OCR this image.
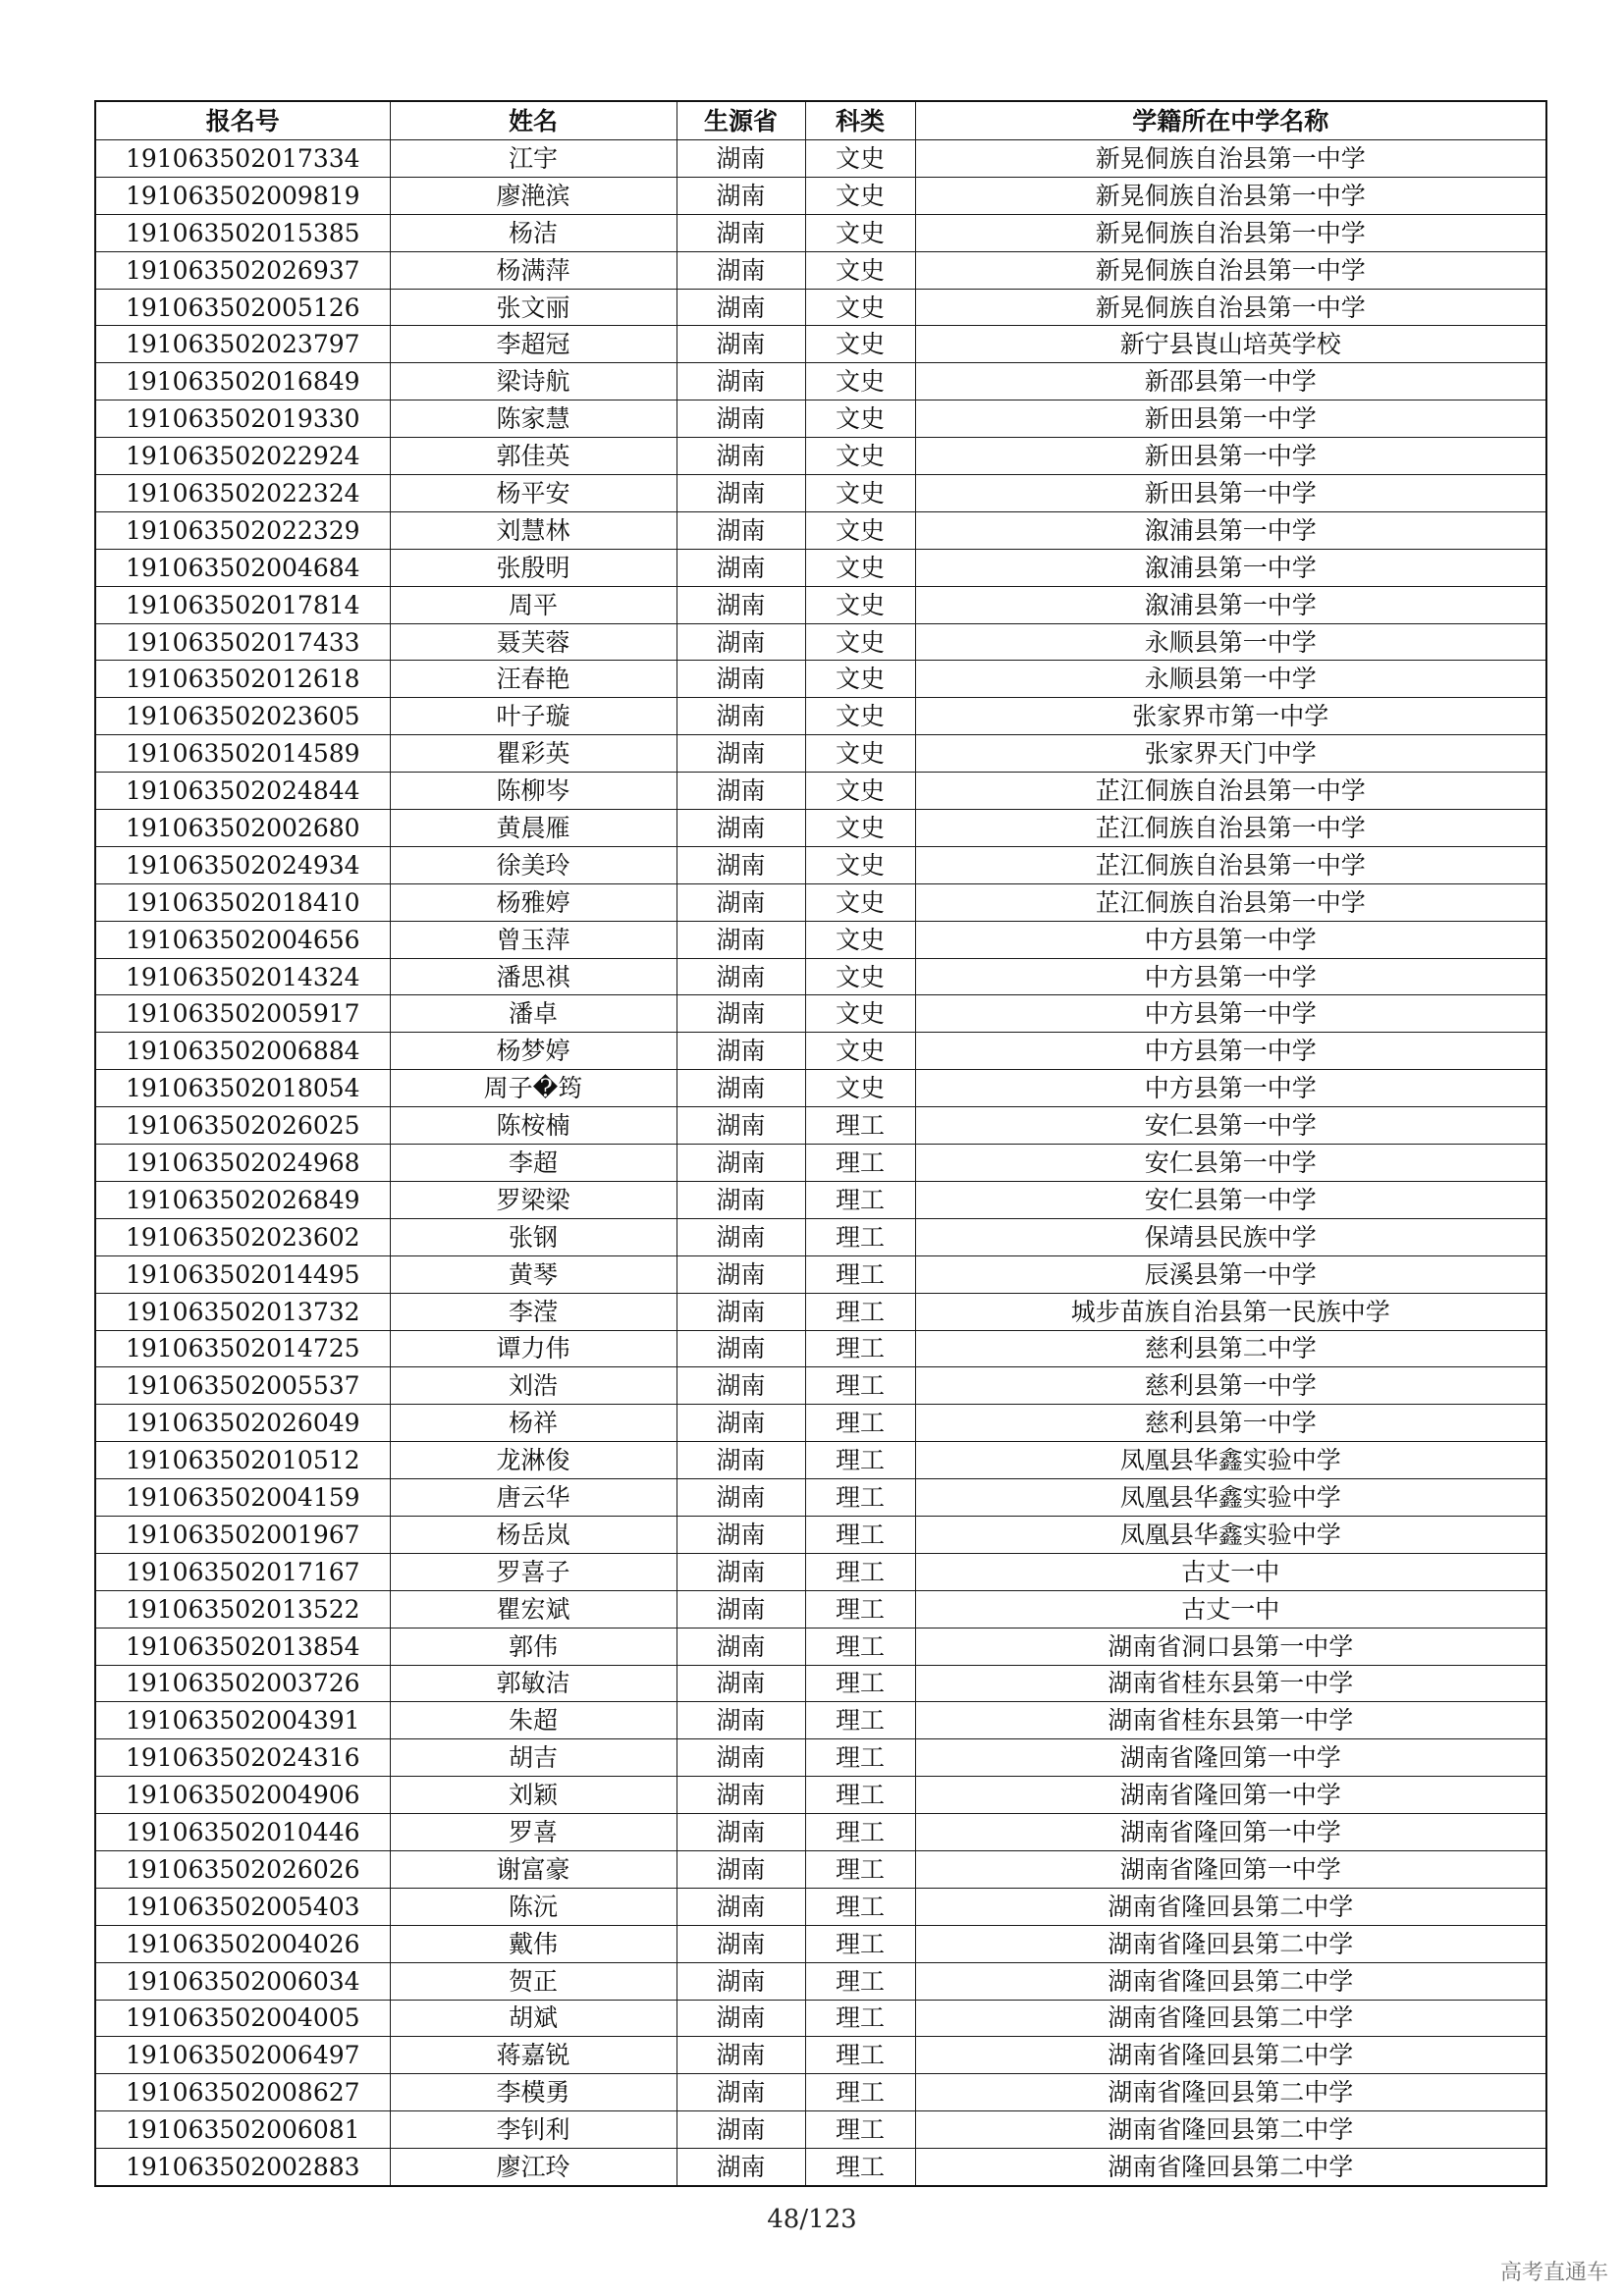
报名号	姓名	生源省	科类	学籍所在中学名称
191063502017334	江宇	湖南	文史	新晃侗族自治县第一中学
191063502009819	廖滟滨	湖南	文史	新晃侗族自治县第一中学
191063502015385	杨洁	湖南	文史	新晃侗族自治县第一中学
191063502026937	杨满萍	湖南	文史	新晃侗族自治县第一中学
191063502005126	张文丽	湖南	文史	新晃侗族自治县第一中学
191063502023797	李超冠	湖南	文史	新宁县崀山培英学校
191063502016849	梁诗航	湖南	文史	新邵县第一中学
191063502019330	陈家慧	湖南	文史	新田县第一中学
191063502022924	郭佳英	湖南	文史	新田县第一中学
191063502022324	杨平安	湖南	文史	新田县第一中学
191063502022329	刘慧林	湖南	文史	溆浦县第一中学
191063502004684	张殷明	湖南	文史	溆浦县第一中学
191063502017814	周平	湖南	文史	溆浦县第一中学
191063502017433	聂芙蓉	湖南	文史	永顺县第一中学
191063502012618	汪春艳	湖南	文史	永顺县第一中学
191063502023605	叶子璇	湖南	文史	张家界市第一中学
191063502014589	瞿彩英	湖南	文史	张家界天门中学
191063502024844	陈柳岑	湖南	文史	芷江侗族自治县第一中学
191063502002680	黄晨雁	湖南	文史	芷江侗族自治县第一中学
191063502024934	徐美玲	湖南	文史	芷江侗族自治县第一中学
191063502018410	杨雅婷	湖南	文史	芷江侗族自治县第一中学
191063502004656	曾玉萍	湖南	文史	中方县第一中学
191063502014324	潘思祺	湖南	文史	中方县第一中学
191063502005917	潘卓	湖南	文史	中方县第一中学
191063502006884	杨梦婷	湖南	文史	中方县第一中学
191063502018054	周子�筠	湖南	文史	中方县第一中学
191063502026025	陈桉楠	湖南	理工	安仁县第一中学
191063502024968	李超	湖南	理工	安仁县第一中学
191063502026849	罗梁梁	湖南	理工	安仁县第一中学
191063502023602	张钢	湖南	理工	保靖县民族中学
191063502014495	黄琴	湖南	理工	辰溪县第一中学
191063502013732	李滢	湖南	理工	城步苗族自治县第一民族中学
191063502014725	谭力伟	湖南	理工	慈利县第二中学
191063502005537	刘浩	湖南	理工	慈利县第一中学
191063502026049	杨祥	湖南	理工	慈利县第一中学
191063502010512	龙淋俊	湖南	理工	凤凰县华鑫实验中学
191063502004159	唐云华	湖南	理工	凤凰县华鑫实验中学
191063502001967	杨岳岚	湖南	理工	凤凰县华鑫实验中学
191063502017167	罗喜子	湖南	理工	古丈一中
191063502013522	瞿宏斌	湖南	理工	古丈一中
191063502013854	郭伟	湖南	理工	湖南省洞口县第一中学
191063502003726	郭敏洁	湖南	理工	湖南省桂东县第一中学
191063502004391	朱超	湖南	理工	湖南省桂东县第一中学
191063502024316	胡吉	湖南	理工	湖南省隆回第一中学
191063502004906	刘颖	湖南	理工	湖南省隆回第一中学
191063502010446	罗喜	湖南	理工	湖南省隆回第一中学
191063502026026	谢富豪	湖南	理工	湖南省隆回第一中学
191063502005403	陈沅	湖南	理工	湖南省隆回县第二中学
191063502004026	戴伟	湖南	理工	湖南省隆回县第二中学
191063502006034	贺正	湖南	理工	湖南省隆回县第二中学
191063502004005	胡斌	湖南	理工	湖南省隆回县第二中学
191063502006497	蒋嘉锐	湖南	理工	湖南省隆回县第二中学
191063502008627	李模勇	湖南	理工	湖南省隆回县第二中学
191063502006081	李钊利	湖南	理工	湖南省隆回县第二中学
191063502002883	廖江玲	湖南	理工	湖南省隆回县第二中学
48/123
高考直通车
